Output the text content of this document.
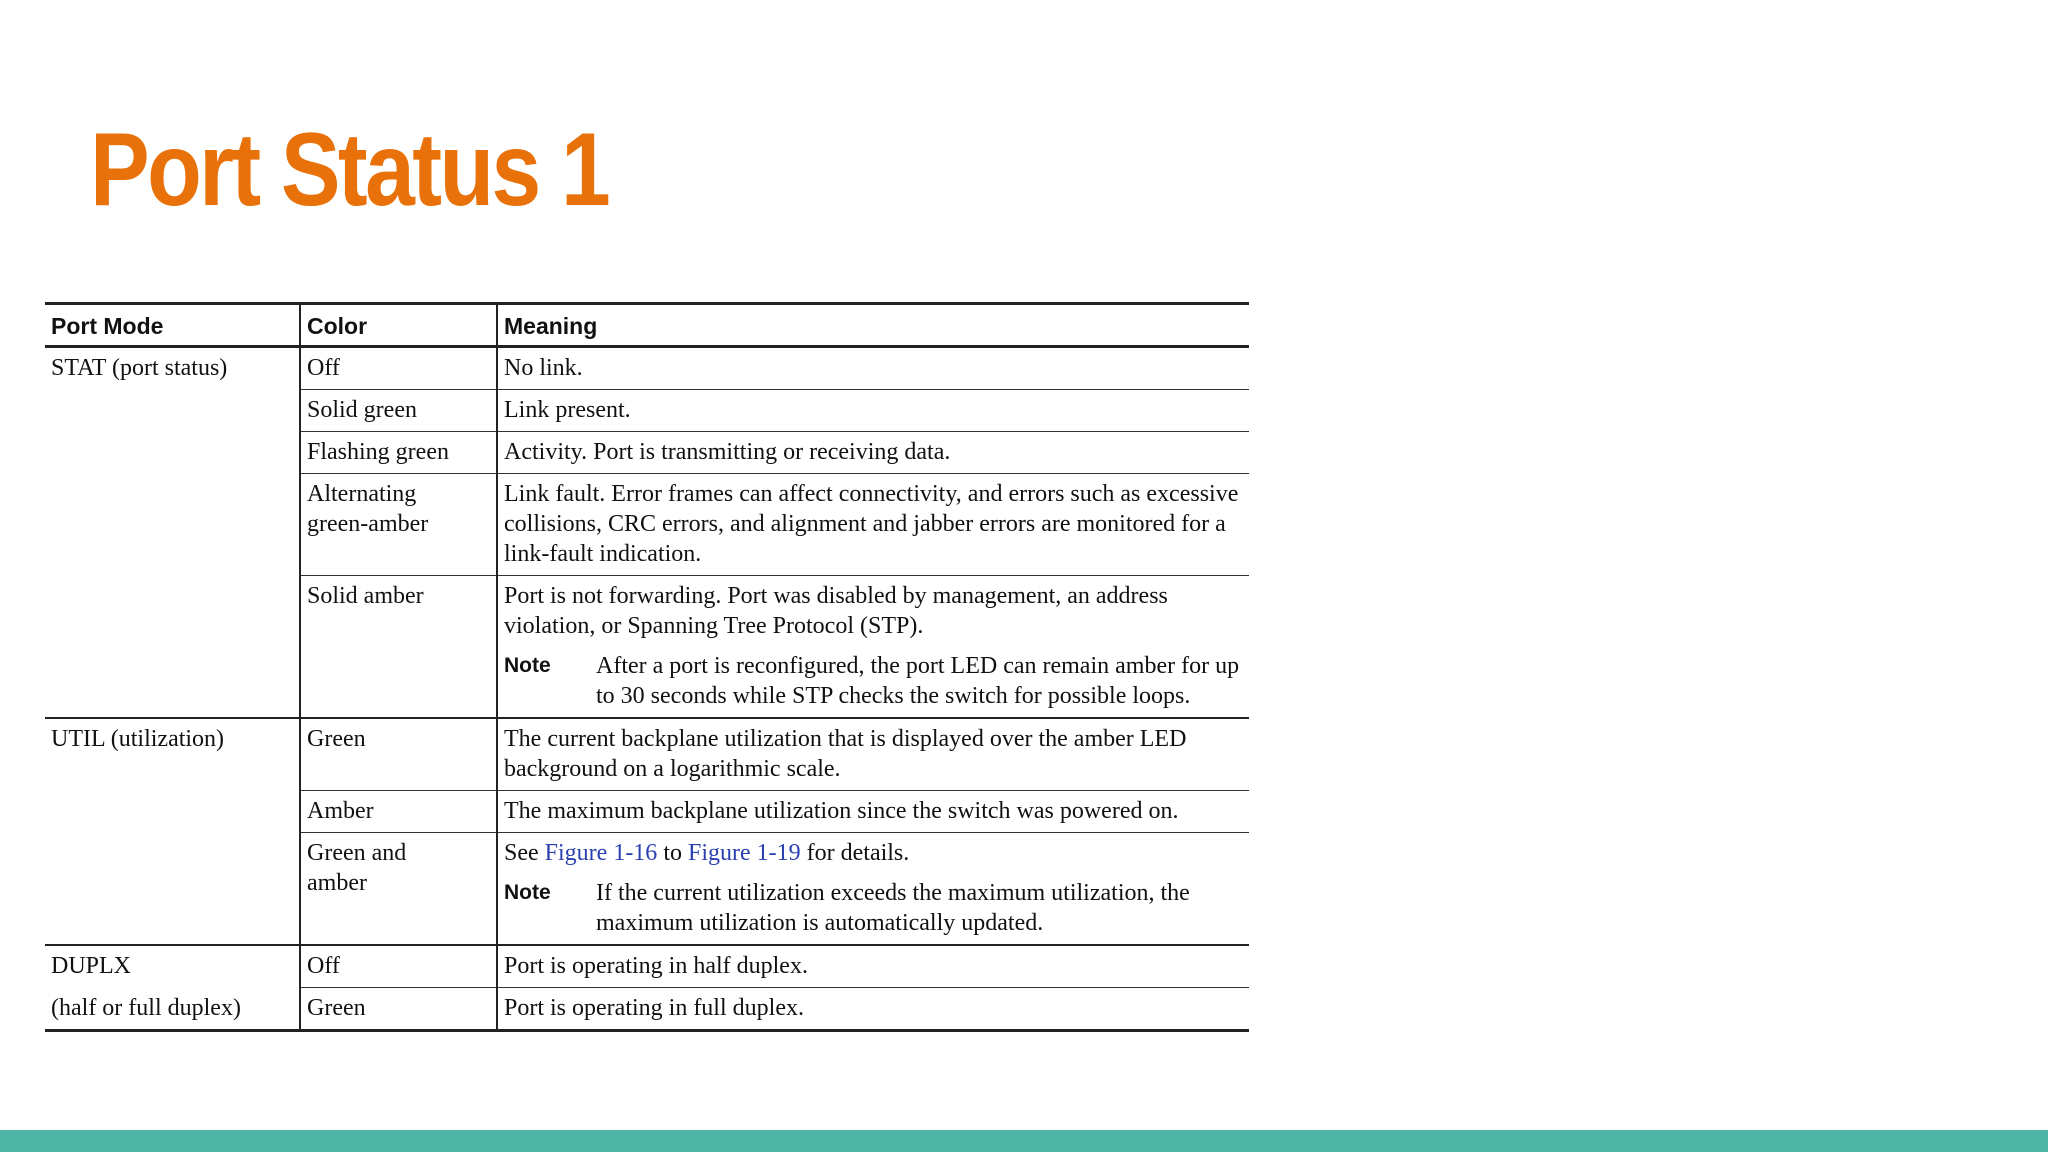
Port Status 1
Port Mode	Color	Meaning
STAT (port status)	Off	No link.
	Solid green	Link present.
	Flashing green	Activity. Port is transmitting or receiving data.
	Alternating green-amber	Link fault. Error frames can affect connectivity, and errors such as excessive collisions, CRC errors, and alignment and jabber errors are monitored for a link-fault indication.
	Solid amber	Port is not forwarding. Port was disabled by management, an address violation, or Spanning Tree Protocol (STP).
Note After a port is reconfigured, the port LED can remain amber for up to 30 seconds while STP checks the switch for possible loops.

UTIL (utilization)	Green	The current backplane utilization that is displayed over the amber LED background on a logarithmic scale.
	Amber	The maximum backplane utilization since the switch was powered on.
	Green and amber	See Figure 1-16 to Figure 1-19 for details.
Note If the current utilization exceeds the maximum utilization, the maximum utilization is automatically updated.

DUPLX	Off	Port is operating in half duplex.
(half or full duplex)	Green	Port is operating in full duplex.
